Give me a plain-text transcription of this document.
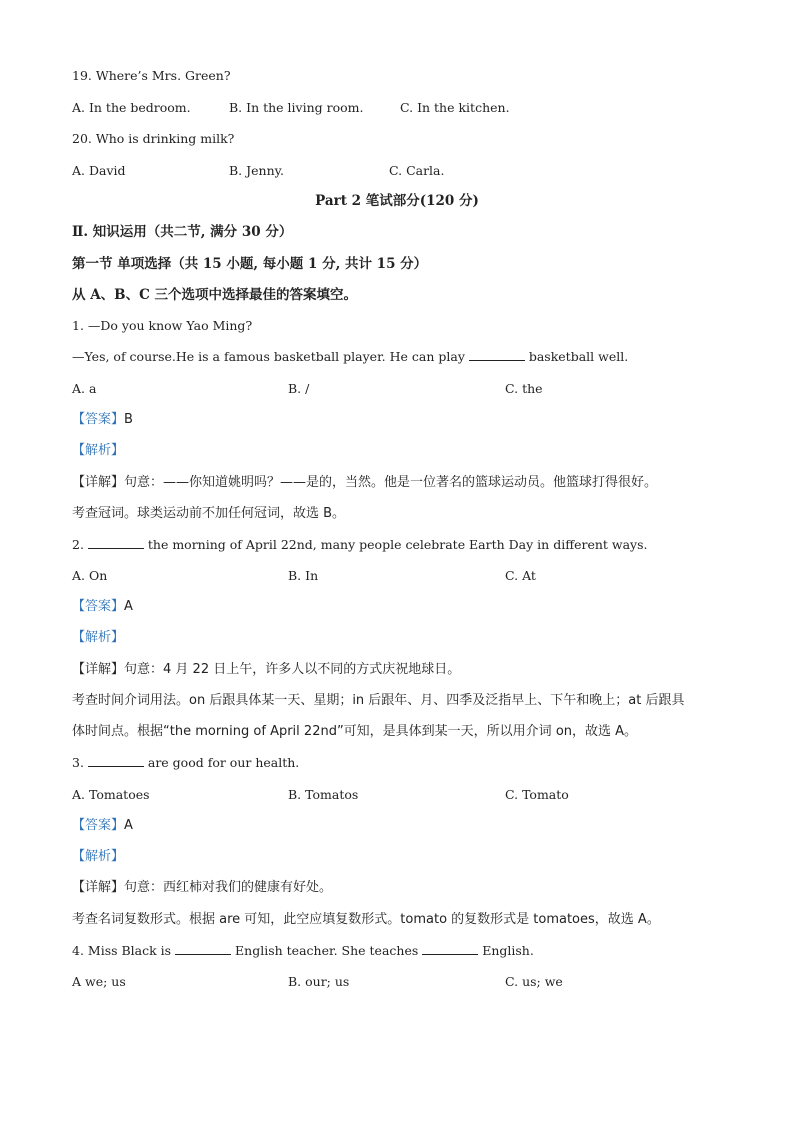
19. Where’s Mrs. Green?
A. In the bedroom.	B. In the living room.	C. In the kitchen.
20. Who is drinking milk?
A. David	B. Jenny.	C. Carla.
Part 2 笔试部分(120 分)
Ⅱ. 知识运用（共二节, 满分 30 分）
第一节 单项选择（共 15 小题, 每小题 1 分, 共计 15 分）
从 A、B、C 三个选项中选择最佳的答案填空。
1. —Do you know Yao Ming?
—Yes, of course.He is a famous basketball player. He can play	basketball well.
A. a	B. /	C. the
【答案】B
【解析】
【详解】句意：——你知道姚明吗？——是的，当然。他是一位著名的篮球运动员。他篮球打得很好。
考查冠词。球类运动前不加任何冠词，故选 B。
2.	the morning of April 22nd, many people celebrate Earth Day in different ways.
A. On	B. In	C. At
【答案】A
【解析】
【详解】句意：4 月 22 日上午，许多人以不同的方式庆祝地球日。
考查时间介词用法。on 后跟具体某一天、星期；in 后跟年、月、四季及泛指早上、下午和晚上；at 后跟具
体时间点。根据“the morning of April 22nd”可知，是具体到某一天，所以用介词 on，故选 A。
3.	are good for our health.
A. Tomatoes	B. Tomatos	C. Tomato
【答案】A
【解析】
【详解】句意：西红柿对我们的健康有好处。
考查名词复数形式。根据 are 可知，此空应填复数形式。tomato 的复数形式是 tomatoes，故选 A。
4. Miss Black is	English teacher. She teaches	English.
A we; us	B. our; us	C. us; we
